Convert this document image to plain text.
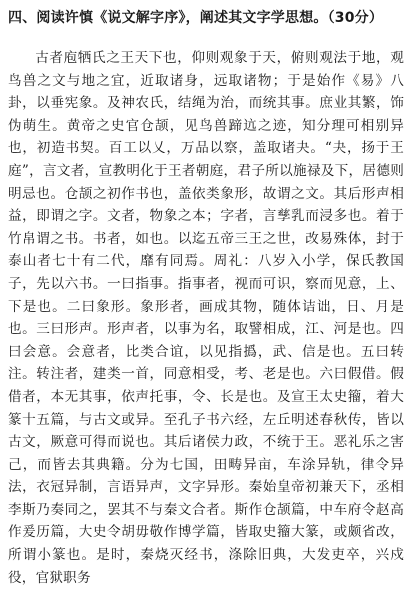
四、阅读许慎《说文解字序》，阐述其文字学思想。（30分）

古者庖牺氏之王天下也，仰则观象于天，俯则观法于地，观鸟兽之文与地之宜，近取诸身，远取诸物；于是始作《易》八卦，以垂宪象。及神农氏，结绳为治，而统其事。庶业其繁，饰伪萌生。黄帝之史官仓颉，见鸟兽蹄迒之迹，知分理可相别异也，初造书契。百工以乂，万品以察，盖取诸夬。“夬，扬于王庭”，言文者，宣教明化于王者朝庭，君子所以施禄及下，居德则明忌也。仓颉之初作书也，盖依类象形，故谓之文。其后形声相益，即谓之字。文者，物象之本；字者，言孳乳而浸多也。着于竹帛谓之书。书者，如也。以迄五帝三王之世，改易殊体，封于泰山者七十有二代，靡有同焉。周礼：八岁入小学，保氏教国子，先以六书。一曰指事。指事者，视而可识，察而见意，上、下是也。二曰象形。象形者，画成其物，随体诘诎，日、月是也。三曰形声。形声者，以事为名，取譬相成，江、河是也。四曰会意。会意者，比类合谊，以见指撝，武、信是也。五曰转注。转注者，建类一首，同意相受，考、老是也。六曰假借。假借者，本无其事，依声托事，令、长是也。及宣王太史籀，着大篆十五篇，与古文或异。至孔子书六经，左丘明述春秋传，皆以古文，厥意可得而说也。其后诸侯力政，不统于王。恶礼乐之害己，而皆去其典籍。分为七国，田畴异亩，车涂异轨，律令异法，衣冠异制，言语异声，文字异形。秦始皇帝初兼天下，丞相李斯乃奏同之，罢其不与秦文合者。斯作仓颉篇，中车府令赵高作爰历篇，大史令胡毋敬作博学篇，皆取史籀大篆，或颇省改，所谓小篆也。是时，秦烧灭经书，涤除旧典，大发吏卒，兴戍役，官狱职务
